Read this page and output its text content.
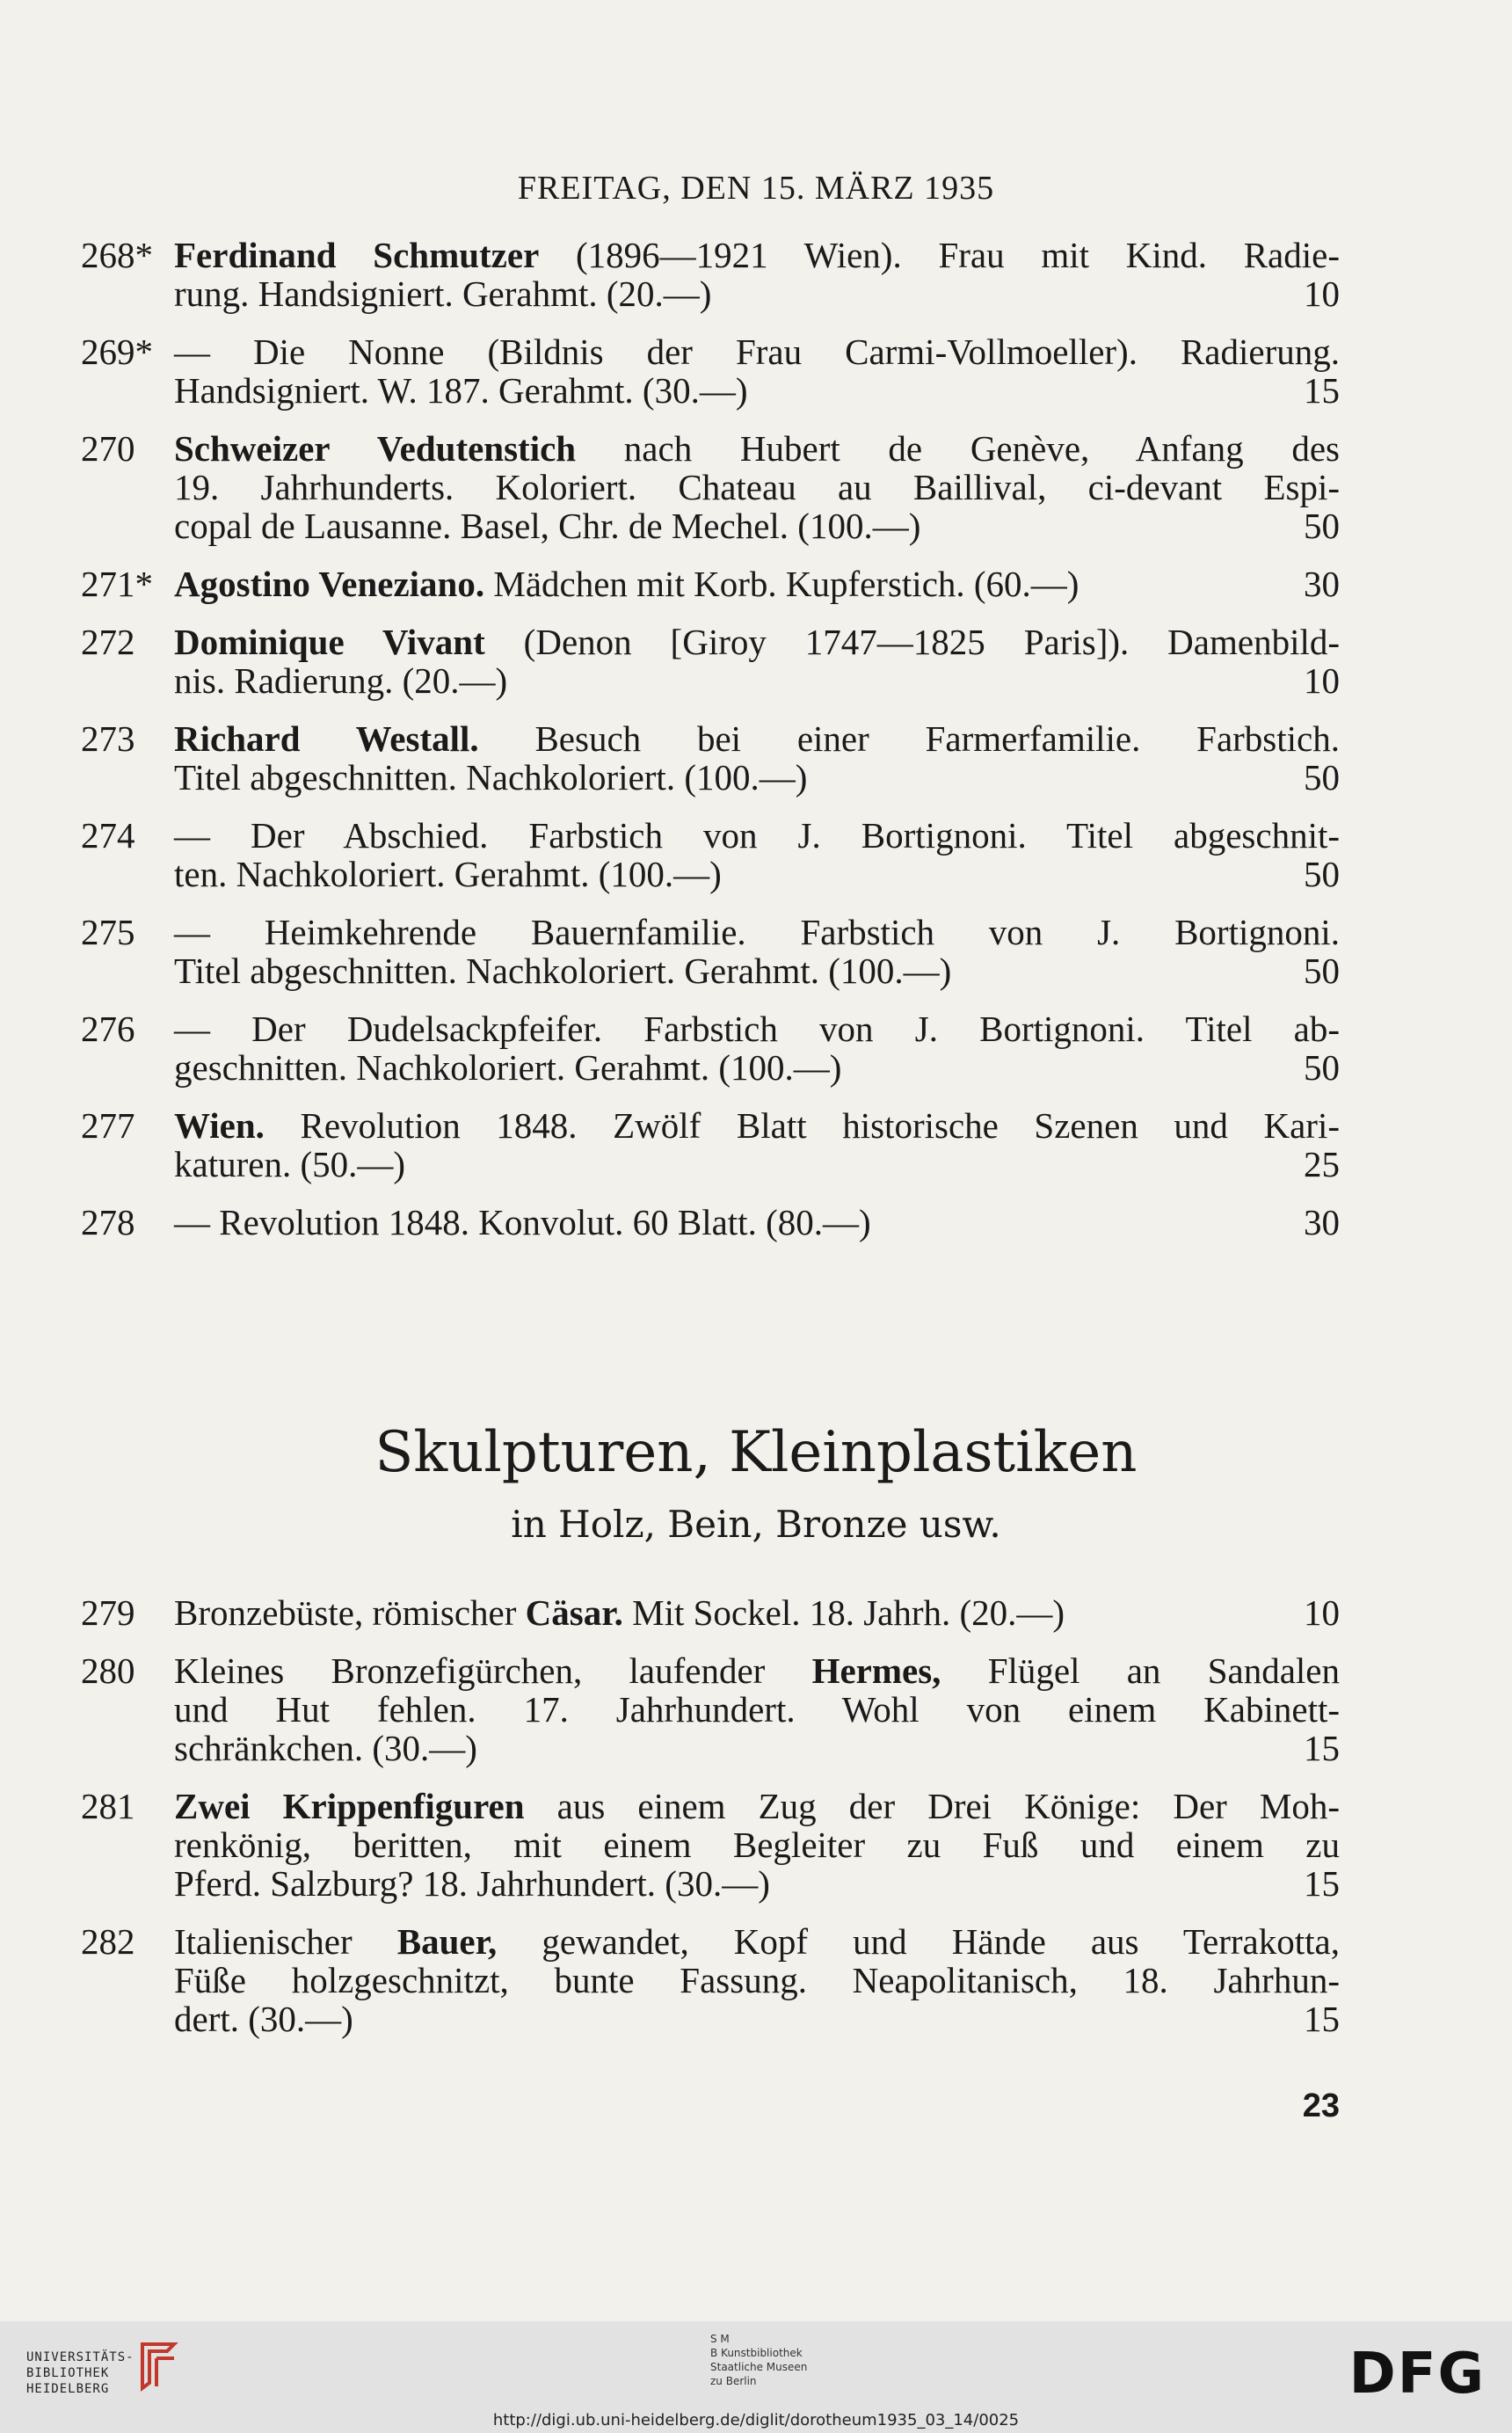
FREITAG, DEN 15. MÄRZ 1935
268* Ferdinand Schmutzer (1896—1921 Wien). Frau mit Kind. Radie-
rung. Handsigniert. Gerahmt. (20.—)	10
269* — Die Nonne (Bildnis der Frau Carmi-Vollmoeller). Radierung.
Handsigniert. W. 187. Gerahmt. (30.—)	15
270 Schweizer Vedutenstich nach Hubert de Genève, Anfang des
19. Jahrhunderts. Koloriert. Chateau au Baillival, ci-devant Espi-
copal de Lausanne. Basel, Chr. de Mechel. (100.—)	50
271* Agostino Veneziano. Mädchen mit Korb. Kupferstich. (60.—)	30
272 Dominique Vivant (Denon [Giroy 1747—1825 Paris]). Damenbild-
nis. Radierung. (20.—)	10
273 Richard Westall. Besuch bei einer Farmerfamilie. Farbstich.
Titel abgeschnitten. Nachkoloriert. (100.—)	50
274 — Der Abschied. Farbstich von J. Bortignoni. Titel abgeschnit-
ten. Nachkoloriert. Gerahmt. (100.—)	50
275 — Heimkehrende Bauernfamilie. Farbstich von J. Bortignoni.
Titel abgeschnitten. Nachkoloriert. Gerahmt. (100.—)	50
276 — Der Dudelsackpfeifer. Farbstich von J. Bortignoni. Titel ab-
geschnitten. Nachkoloriert. Gerahmt. (100.—)	50
277 Wien. Revolution 1848. Zwölf Blatt historische Szenen und Kari-
katuren. (50.—)	25
278 — Revolution 1848. Konvolut. 60 Blatt. (80.—)	30
Skulpturen, Kleinplastiken
in Holz, Bein, Bronze usw.
279 Bronzebüste, römischer Cäsar. Mit Sockel. 18. Jahrh. (20.—)	10
280 Kleines Bronzefigürchen, laufender Hermes, Flügel an Sandalen
und Hut fehlen. 17. Jahrhundert. Wohl von einem Kabinett-
schränkchen. (30.—)	15
281 Zwei Krippenfiguren aus einem Zug der Drei Könige: Der Moh-
renkönig, beritten, mit einem Begleiter zu Fuß und einem zu
Pferd. Salzburg? 18. Jahrhundert. (30.—)	15
282 Italienischer Bauer, gewandet, Kopf und Hände aus Terrakotta,
Füße holzgeschnitzt, bunte Fassung. Neapolitanisch, 18. Jahrhun-
dert. (30.—)	15
23
UNIVERSITÄTS-
BIBLIOTHEK
HEIDELBERG
S M
B Kunstbibliothek
Staatliche Museen
zu Berlin	DFG
http://digi.ub.uni-heidelberg.de/diglit/dorotheum1935_03_14/0025
